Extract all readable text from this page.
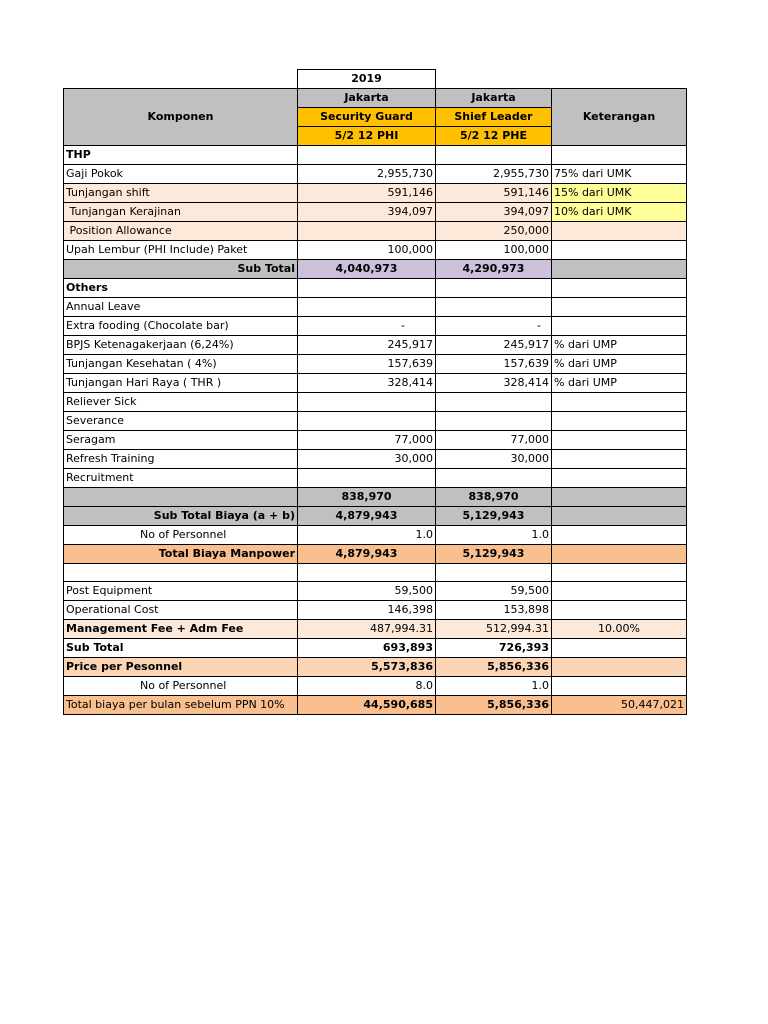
	2019		
Komponen	Jakarta	Jakarta	Keterangan
	Security Guard	Shief Leader	
	5/2 12 PHI	5/2 12 PHE	
THP			
Gaji Pokok	2,955,730	2,955,730	75% dari UMK
Tunjangan shift	591,146	591,146	15% dari UMK
Tunjangan Kerajinan	394,097	394,097	10% dari UMK
Position Allowance		250,000	
Upah Lembur (PHI Include) Paket	100,000	100,000	
Sub Total	4,040,973	4,290,973	
Others			
Annual Leave			
Extra fooding (Chocolate bar)	-	-	
BPJS Ketenagakerjaan (6,24%)	245,917	245,917	% dari UMP
Tunjangan Kesehatan ( 4%)	157,639	157,639	% dari UMP
Tunjangan Hari Raya ( THR )	328,414	328,414	% dari UMP
Reliever Sick			
Severance			
Seragam	77,000	77,000	
Refresh Training	30,000	30,000	
Recruitment			
	838,970	838,970	
Sub Total Biaya (a + b)	4,879,943	5,129,943	
No of Personnel	1.0	1.0	
Total Biaya Manpower	4,879,943	5,129,943	

Post Equipment	59,500	59,500	
Operational Cost	146,398	153,898	
Management Fee + Adm Fee	487,994.31	512,994.31	10.00%
Sub Total	693,893	726,393	
Price per Pesonnel	5,573,836	5,856,336	
No of Personnel	8.0	1.0	
Total biaya per bulan sebelum PPN 10%	44,590,685	5,856,336	50,447,021
